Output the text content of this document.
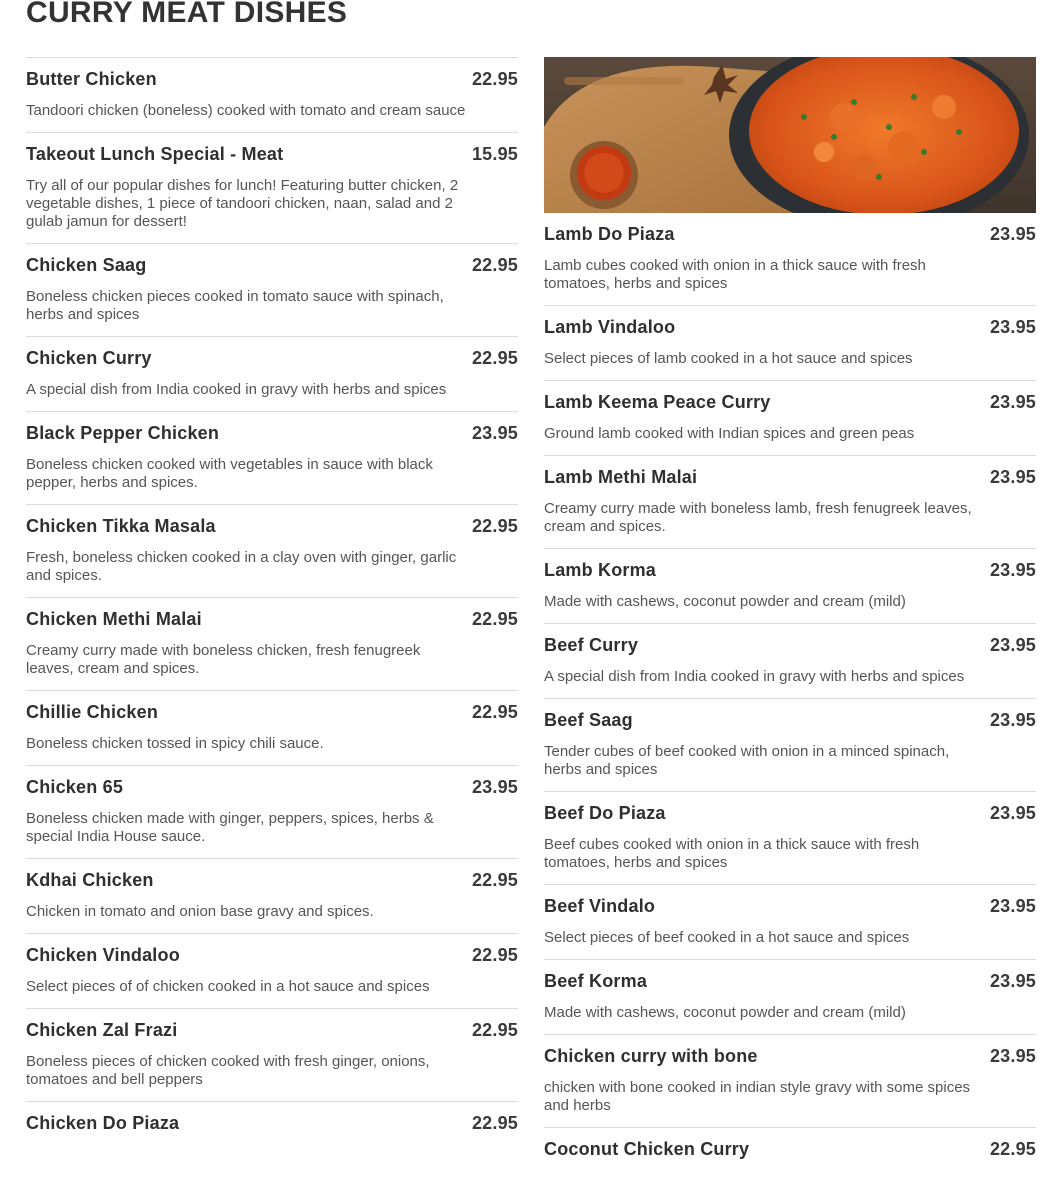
CURRY MEAT DISHES
Butter Chicken	22.95
Tandoori chicken (boneless) cooked with tomato and cream sauce
Takeout Lunch Special - Meat	15.95
Try all of our popular dishes for lunch! Featuring butter chicken, 2 vegetable dishes, 1 piece of tandoori chicken, naan, salad and 2 gulab jamun for dessert!
Chicken Saag	22.95
Boneless chicken pieces cooked in tomato sauce with spinach, herbs and spices
Chicken Curry	22.95
A special dish from India cooked in gravy with herbs and spices
Black Pepper Chicken	23.95
Boneless chicken cooked with vegetables in sauce with black pepper, herbs and spices.
Chicken Tikka Masala	22.95
Fresh, boneless chicken cooked in a clay oven with ginger, garlic and spices.
Chicken Methi Malai	22.95
Creamy curry made with boneless chicken, fresh fenugreek leaves, cream and spices.
Chillie Chicken	22.95
Boneless chicken tossed in spicy chili sauce.
Chicken 65	23.95
Boneless chicken made with ginger, peppers, spices, herbs & special India House sauce.
Kdhai Chicken	22.95
Chicken in tomato and onion base gravy and spices.
Chicken Vindaloo	22.95
Select pieces of of chicken cooked in a hot sauce and spices
Chicken Zal Frazi	22.95
Boneless pieces of chicken cooked with fresh ginger, onions, tomatoes and bell peppers
Chicken Do Piaza	22.95
Lamb Do Piaza	23.95
Lamb cubes cooked with onion in a thick sauce with fresh tomatoes, herbs and spices
Lamb Vindaloo	23.95
Select pieces of lamb cooked in a hot sauce and spices
Lamb Keema Peace Curry	23.95
Ground lamb cooked with Indian spices and green peas
Lamb Methi Malai	23.95
Creamy curry made with boneless lamb, fresh fenugreek leaves, cream and spices.
Lamb Korma	23.95
Made with cashews, coconut powder and cream (mild)
Beef Curry	23.95
A special dish from India cooked in gravy with herbs and spices
Beef Saag	23.95
Tender cubes of beef cooked with onion in a minced spinach, herbs and spices
Beef Do Piaza	23.95
Beef cubes cooked with onion in a thick sauce with fresh tomatoes, herbs and spices
Beef Vindalo	23.95
Select pieces of beef cooked in a hot sauce and spices
Beef Korma	23.95
Made with cashews, coconut powder and cream (mild)
Chicken curry with bone	23.95
chicken with bone cooked in indian style gravy with some spices and herbs
Coconut Chicken Curry	22.95
